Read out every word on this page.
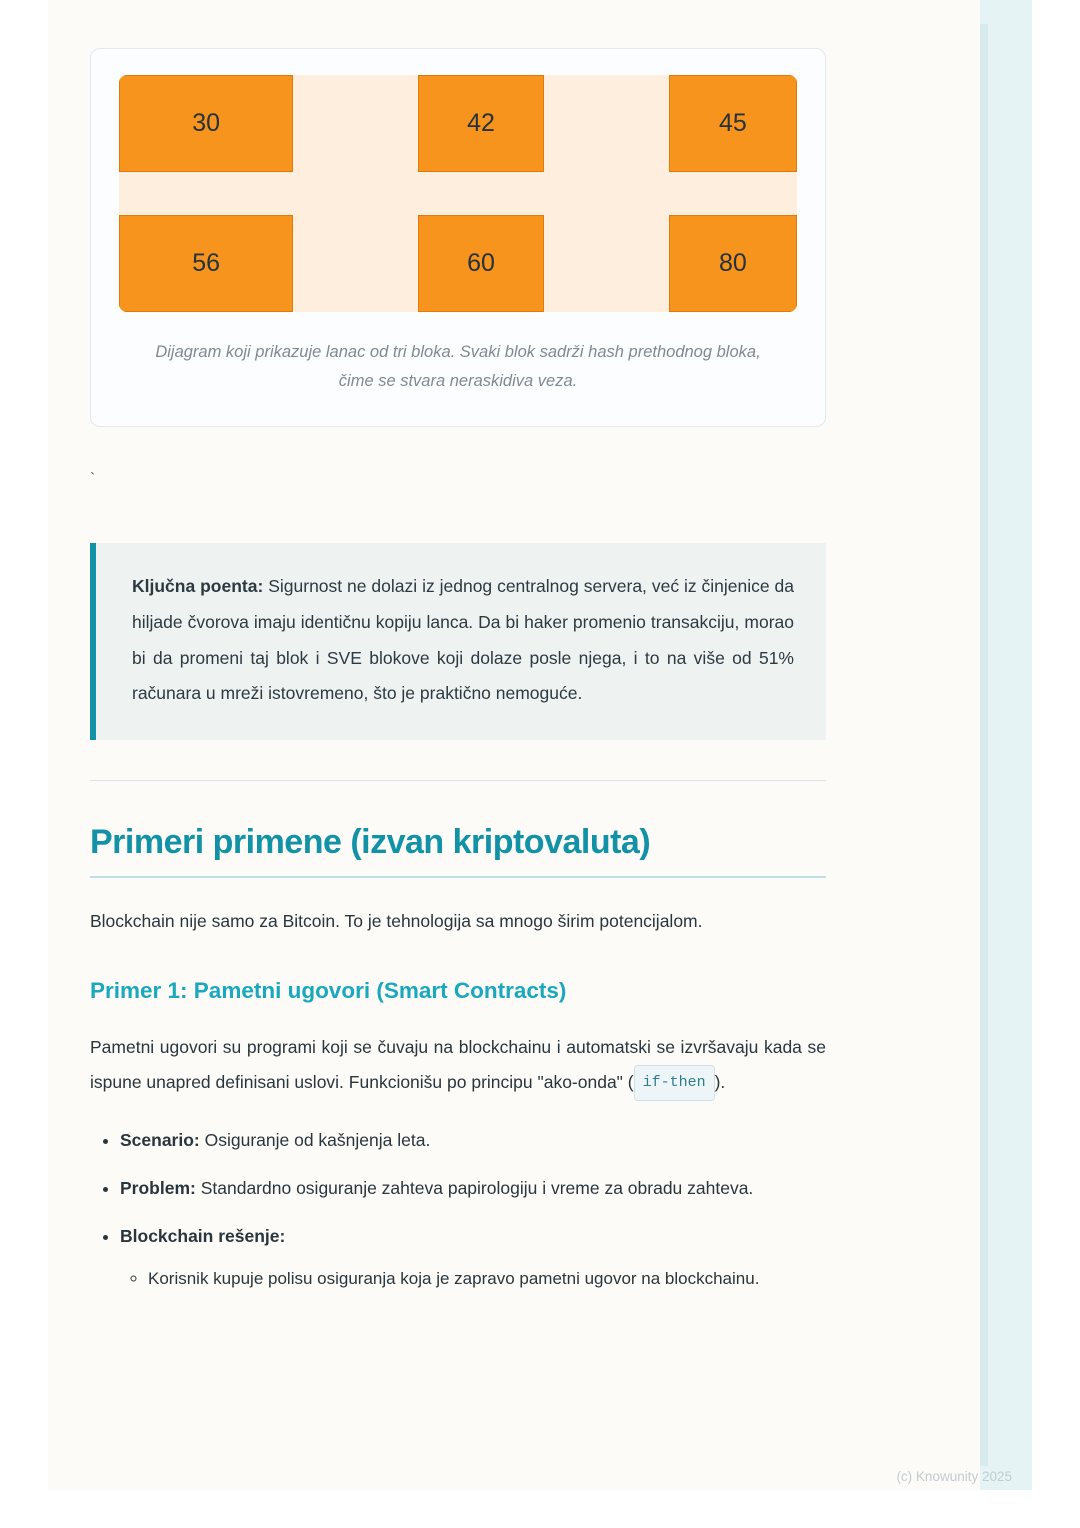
30	42	45
56	60	80
Dijagram koji prikazuje lanac od tri bloka. Svaki blok sadrži hash prethodnog bloka, čime se stvara neraskidiva veza.
`

Ključna poenta: Sigurnost ne dolazi iz jednog centralnog servera, već iz činjenice da hiljade čvorova imaju identičnu kopiju lanca. Da bi haker promenio transakciju, morao bi da promeni taj blok i SVE blokove koji dolaze posle njega, i to na više od 51% računara u mreži istovremeno, što je praktično nemoguće.

Primeri primene (izvan kriptovaluta)

Blockchain nije samo za Bitcoin. To je tehnologija sa mnogo širim potencijalom.

Primer 1: Pametni ugovori (Smart Contracts)

Pametni ugovori su programi koji se čuvaju na blockchainu i automatski se izvršavaju kada se ispune unapred definisani uslovi. Funkcionišu po principu "ako-onda" ( if-then ).

• Scenario: Osiguranje od kašnjenja leta.
• Problem: Standardno osiguranje zahteva papirologiju i vreme za obradu zahteva.
• Blockchain rešenje:
◦ Korisnik kupuje polisu osiguranja koja je zapravo pametni ugovor na blockchainu.
(c) Knowunity 2025
